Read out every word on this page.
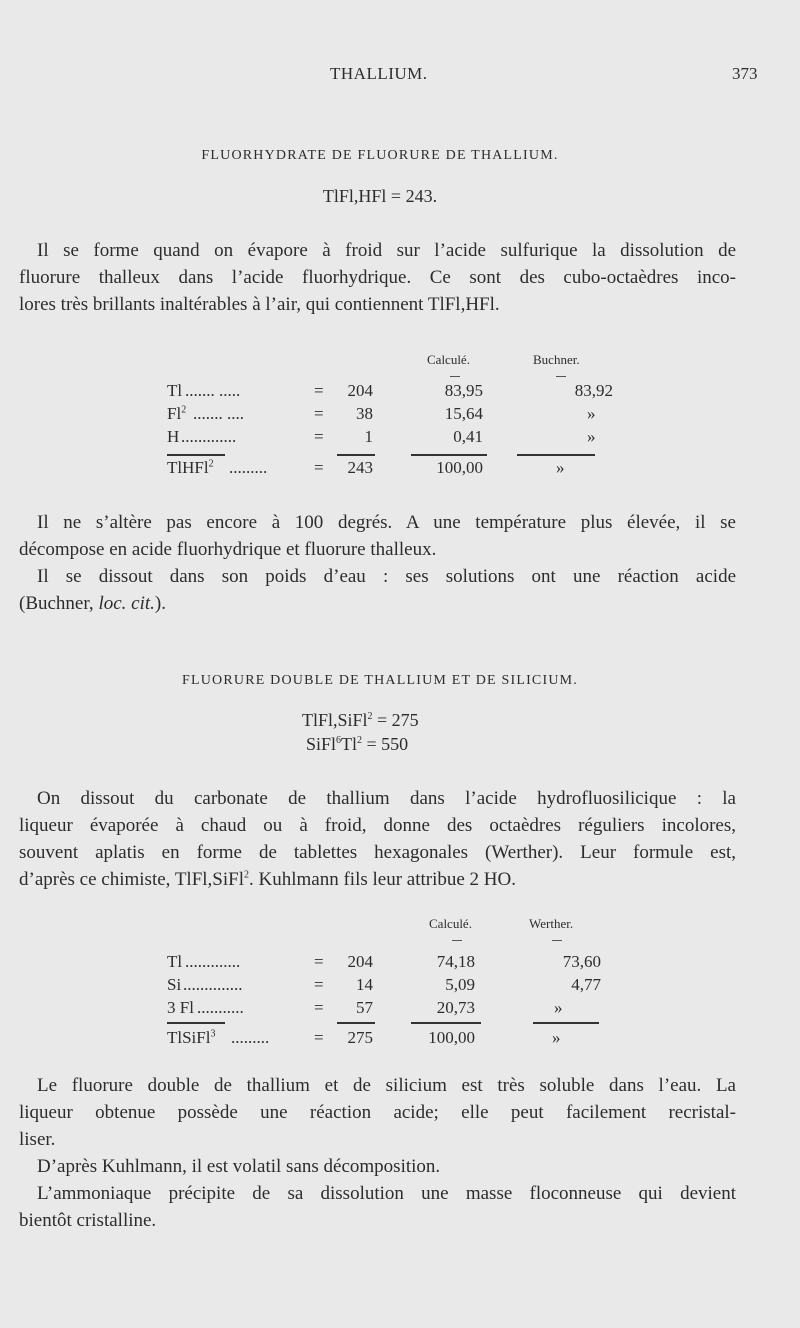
THALLIUM.	373
FLUORHYDRATE DE FLUORURE DE THALLIUM.
TlFl,HFl = 243.
Il se forme quand on évapore à froid sur l’acide sulfurique la dissolution de
fluorure thalleux dans l’acide fluorhydrique. Ce sont des cubo-octaèdres inco-
lores très brillants inaltérables à l’air, qui contiennent TlFl,HFl.
Calculé.	Buchner.
Tl ....... .....	=	204	83,95	83,92
Fl$^2$ ....... ....	=	38	15,64	»
H .............	=	1	0,41	»
TlHFl$^2$ .........	=	243	100,00	»
Il ne s’altère pas encore à 100 degrés. A une température plus élevée, il se
décompose en acide fluorhydrique et fluorure thalleux.
Il se dissout dans son poids d’eau : ses solutions ont une réaction acide
(Buchner, loc. cit.).
FLUORURE DOUBLE DE THALLIUM ET DE SILICIUM.
TlFl,SiFl$^2$ = 275
$SiFl^6Tl^2 = 550$
On dissout du carbonate de thallium dans l’acide hydrofluosilicique : la
liqueur évaporée à chaud ou à froid, donne des octaèdres réguliers incolores,
souvent aplatis en forme de tablettes hexagonales (Werther). Leur formule est,
d’après ce chimiste, TlFl,SiFl$^2$. Kuhlmann fils leur attribue 2 HO.
Calculé.	Werther.
Tl .............	=	204	74,18	73,60
Si ..............	=	14	5,09	4,77
3 Fl ...........	=	57	20,73	»
TlSiFl$^3$ .........	=	275	100,00	»
Le fluorure double de thallium et de silicium est très soluble dans l’eau. La
liqueur obtenue possède une réaction acide; elle peut facilement recristal-
liser.
D’après Kuhlmann, il est volatil sans décomposition.
L’ammoniaque précipite de sa dissolution une masse floconneuse qui devient
bientôt cristalline.
